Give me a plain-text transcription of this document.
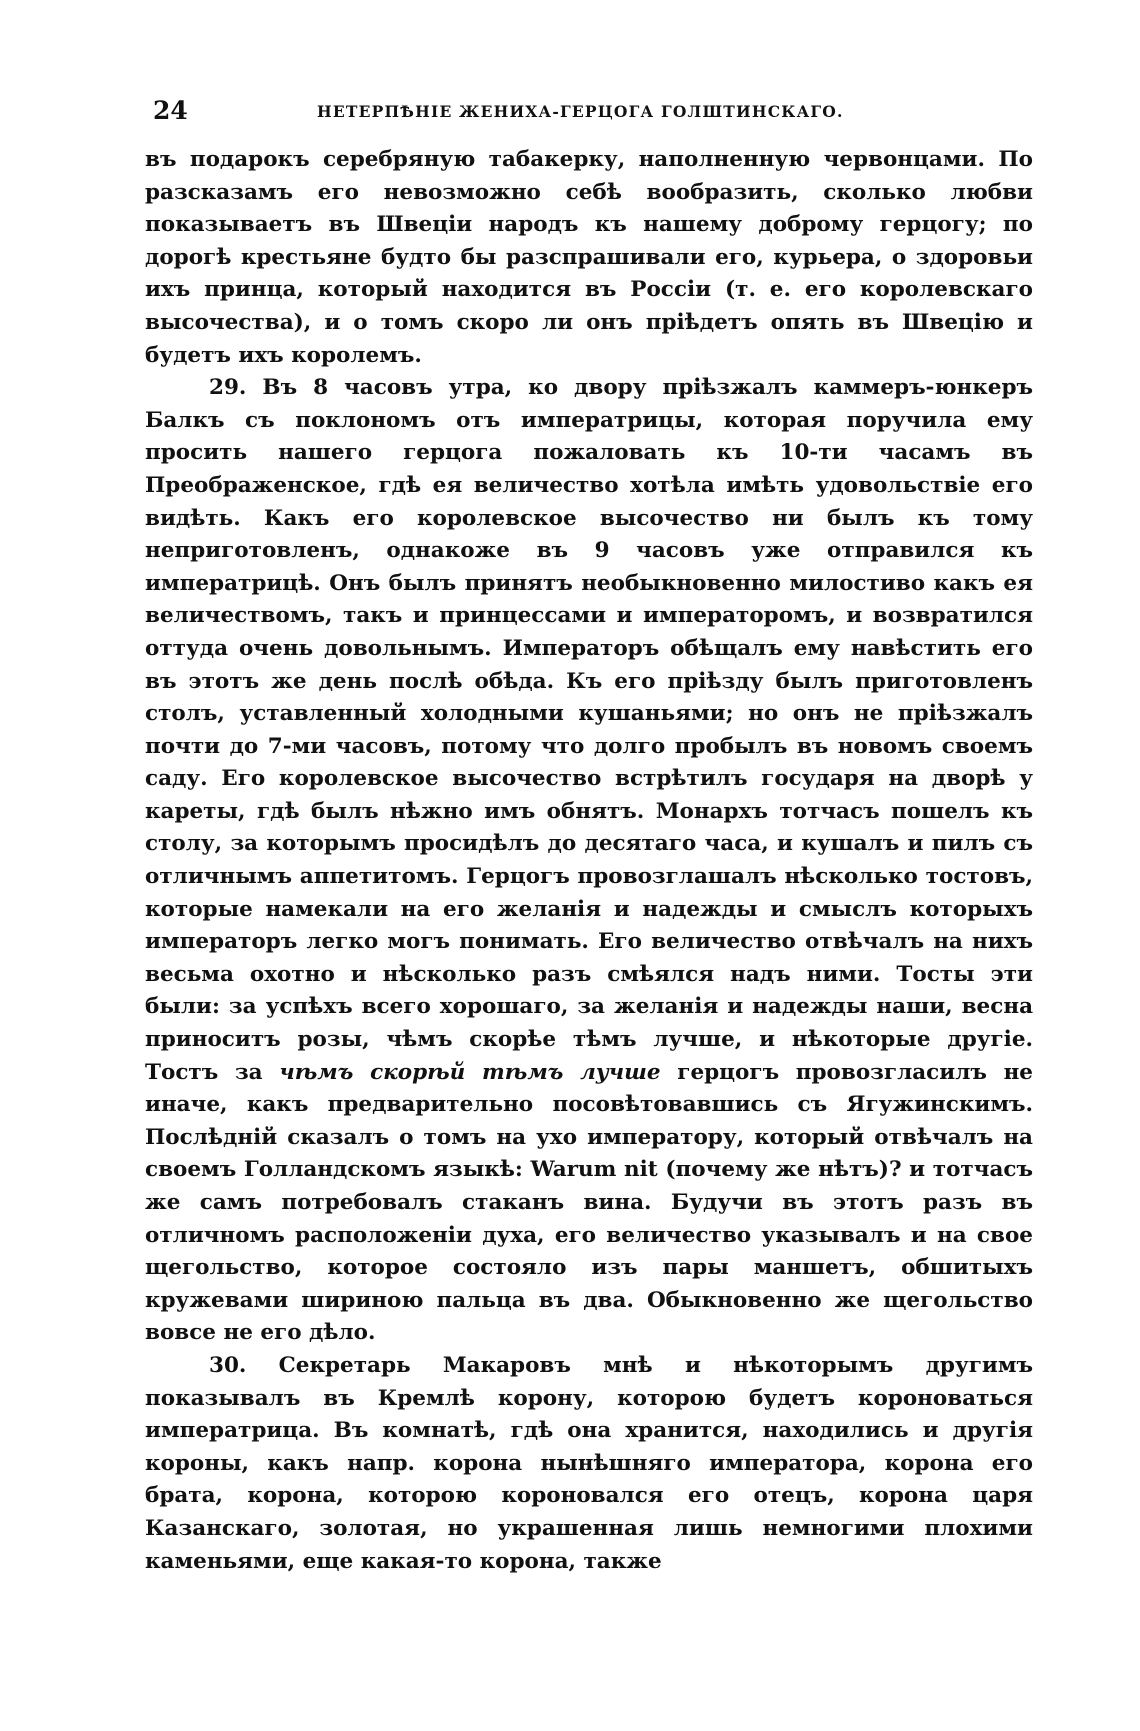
24	НЕТЕРПѢНІЕ ЖЕНИХА-ГЕРЦОГА ГОЛШТИНСКАГО.

въ подарокъ серебряную табакерку, наполненную червонцами. По разсказамъ его невозможно себѣ вообразить, сколько любви показываетъ въ Швеціи народъ къ нашему доброму герцогу; по дорогѣ крестьяне будто бы разспрашивали его, курьера, о здоровьи ихъ принца, который находится въ Россіи (т. е. его королевскаго высочества), и о томъ скоро ли онъ пріѣдетъ опять въ Швецію и будетъ ихъ королемъ.

29. Въ 8 часовъ утра, ко двору пріѣзжалъ каммеръ-юнкеръ Балкъ съ поклономъ отъ императрицы, которая поручила ему просить нашего герцога пожаловать къ 10-ти часамъ въ Преображенское, гдѣ ея величество хотѣла имѣть удовольствіе его видѣть. Какъ его королевское высочество ни былъ къ тому неприготовленъ, однакоже въ 9 часовъ уже отправился къ императрицѣ. Онъ былъ принятъ необыкновенно милостиво какъ ея величествомъ, такъ и принцессами и императоромъ, и возвратился оттуда очень довольнымъ. Императоръ обѣщалъ ему навѣстить его въ этотъ же день послѣ обѣда. Къ его пріѣзду былъ приготовленъ столъ, уставленный холодными кушаньями; но онъ не пріѣзжалъ почти до 7-ми часовъ, потому что долго пробылъ въ новомъ своемъ саду. Его королевское высочество встрѣтилъ государя на дворѣ у кареты, гдѣ былъ нѣжно имъ обнятъ. Монархъ тотчасъ пошелъ къ столу, за которымъ просидѣлъ до десятаго часа, и кушалъ и пилъ съ отличнымъ аппетитомъ. Герцогъ провозглашалъ нѣсколько тостовъ, которые намекали на его желанія и надежды и смыслъ которыхъ императоръ легко могъ понимать. Его величество отвѣчалъ на нихъ весьма охотно и нѣсколько разъ смѣялся надъ ними. Тосты эти были: за успѣхъ всего хорошаго, за желанія и надежды наши, весна приноситъ розы, чѣмъ скорѣе тѣмъ лучше, и нѣкоторые другіе. Тостъ за чѣмъ скорѣй тѣмъ лучше герцогъ провозгласилъ не иначе, какъ предварительно посовѣтовавшись съ Ягужинскимъ. Послѣдній сказалъ о томъ на ухо императору, который отвѣчалъ на своемъ Голландскомъ языкѣ: Warum nit (почему же нѣтъ)? и тотчасъ же самъ потребовалъ стаканъ вина. Будучи въ этотъ разъ въ отличномъ расположеніи духа, его величество указывалъ и на свое щегольство, которое состояло изъ пары маншетъ, обшитыхъ кружевами шириною пальца въ два. Обыкновенно же щегольство вовсе не его дѣло.

30. Секретарь Макаровъ мнѣ и нѣкоторымъ другимъ показывалъ въ Кремлѣ корону, которою будетъ короноваться императрица. Въ комнатѣ, гдѣ она хранится, находились и другія короны, какъ напр. корона нынѣшняго императора, корона его брата, корона, которою короновался его отецъ, корона царя Казанскаго, золотая, но украшенная лишь немногими плохими каменьями, еще какая-то корона, также
